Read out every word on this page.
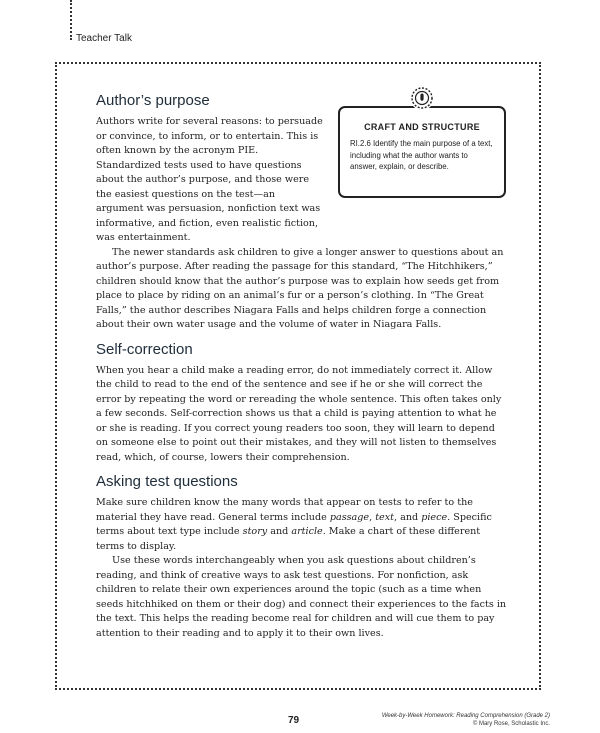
Teacher Talk
CRAFT AND STRUCTURE

RI.2.6 Identify the main purpose of a text, including what the author wants to answer, explain, or describe.

Author’s purpose

Authors write for several reasons: to persuade or convince, to inform, or to entertain. This is often known by the acronym PIE. Standardized tests used to have questions about the author’s purpose, and those were the easiest questions on the test—an argument was persuasion, nonfiction text was informative, and fiction, even realistic fiction, was entertainment.

The newer standards ask children to give a longer answer to questions about an author’s purpose. After reading the passage for this standard, “The Hitchhikers,” children should know that the author’s purpose was to explain how seeds get from place to place by riding on an animal’s fur or a person’s clothing. In “The Great Falls,” the author describes Niagara Falls and helps children forge a connection about their own water usage and the volume of water in Niagara Falls.

Self-correction

When you hear a child make a reading error, do not immediately correct it. Allow the child to read to the end of the sentence and see if he or she will correct the error by repeating the word or rereading the whole sentence. This often takes only a few seconds. Self-correction shows us that a child is paying attention to what he or she is reading. If you correct young readers too soon, they will learn to depend on someone else to point out their mistakes, and they will not listen to themselves read, which, of course, lowers their comprehension.

Asking test questions

Make sure children know the many words that appear on tests to refer to the material they have read. General terms include passage, text, and piece. Specific terms about text type include story and article. Make a chart of these different terms to display.

Use these words interchangeably when you ask questions about children’s reading, and think of creative ways to ask test questions. For nonfiction, ask children to relate their own experiences around the topic (such as a time when seeds hitchhiked on them or their dog) and connect their experiences to the facts in the text. This helps the reading become real for children and will cue them to pay attention to their reading and to apply it to their own lives.

79	Week-by-Week Homework: Reading Comprehension (Grade 2)
© Mary Rose, Scholastic Inc.
